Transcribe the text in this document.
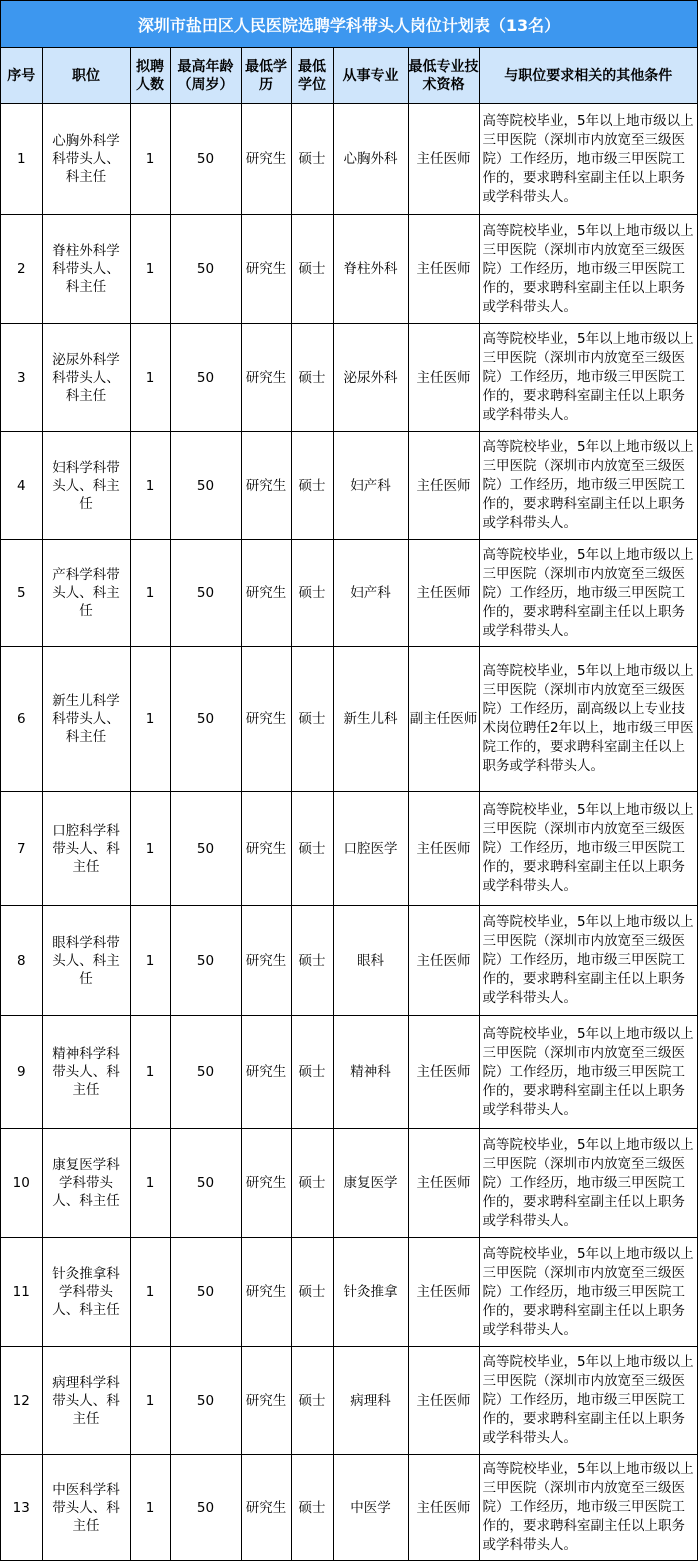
深圳市盐田区人民医院选聘学科带头人岗位计划表（13名）
序号	职位	拟聘人数	最高年龄（周岁）	最低学历	最低学位	从事专业	最低专业技术资格	与职位要求相关的其他条件
1	心胸外科学科带头人、科主任	1	50	研究生	硕士	心胸外科	主任医师	高等院校毕业，5年以上地市级以上三甲医院（深圳市内放宽至三级医院）工作经历，地市级三甲医院工作的，要求聘科室副主任以上职务或学科带头人。
2	脊柱外科学科带头人、科主任	1	50	研究生	硕士	脊柱外科	主任医师	高等院校毕业，5年以上地市级以上三甲医院（深圳市内放宽至三级医院）工作经历，地市级三甲医院工作的，要求聘科室副主任以上职务或学科带头人。
3	泌尿外科学科带头人、科主任	1	50	研究生	硕士	泌尿外科	主任医师	高等院校毕业，5年以上地市级以上三甲医院（深圳市内放宽至三级医院）工作经历，地市级三甲医院工作的，要求聘科室副主任以上职务或学科带头人。
4	妇科学科带头人、科主任	1	50	研究生	硕士	妇产科	主任医师	高等院校毕业，5年以上地市级以上三甲医院（深圳市内放宽至三级医院）工作经历，地市级三甲医院工作的，要求聘科室副主任以上职务或学科带头人。
5	产科学科带头人、科主任	1	50	研究生	硕士	妇产科	主任医师	高等院校毕业，5年以上地市级以上三甲医院（深圳市内放宽至三级医院）工作经历，地市级三甲医院工作的，要求聘科室副主任以上职务或学科带头人。
6	新生儿科学科带头人、科主任	1	50	研究生	硕士	新生儿科	副主任医师	高等院校毕业，5年以上地市级以上三甲医院（深圳市内放宽至三级医院）工作经历，副高级以上专业技术岗位聘任2年以上，地市级三甲医院工作的，要求聘科室副主任以上职务或学科带头人。
7	口腔科学科带头人、科主任	1	50	研究生	硕士	口腔医学	主任医师	高等院校毕业，5年以上地市级以上三甲医院（深圳市内放宽至三级医院）工作经历，地市级三甲医院工作的，要求聘科室副主任以上职务或学科带头人。
8	眼科学科带头人、科主任	1	50	研究生	硕士	眼科	主任医师	高等院校毕业，5年以上地市级以上三甲医院（深圳市内放宽至三级医院）工作经历，地市级三甲医院工作的，要求聘科室副主任以上职务或学科带头人。
9	精神科学科带头人、科主任	1	50	研究生	硕士	精神科	主任医师	高等院校毕业，5年以上地市级以上三甲医院（深圳市内放宽至三级医院）工作经历，地市级三甲医院工作的，要求聘科室副主任以上职务或学科带头人。
10	康复医学科学科带头人、科主任	1	50	研究生	硕士	康复医学	主任医师	高等院校毕业，5年以上地市级以上三甲医院（深圳市内放宽至三级医院）工作经历，地市级三甲医院工作的，要求聘科室副主任以上职务或学科带头人。
11	针灸推拿科学科带头人、科主任	1	50	研究生	硕士	针灸推拿	主任医师	高等院校毕业，5年以上地市级以上三甲医院（深圳市内放宽至三级医院）工作经历，地市级三甲医院工作的，要求聘科室副主任以上职务或学科带头人。
12	病理科学科带头人、科主任	1	50	研究生	硕士	病理科	主任医师	高等院校毕业，5年以上地市级以上三甲医院（深圳市内放宽至三级医院）工作经历，地市级三甲医院工作的，要求聘科室副主任以上职务或学科带头人。
13	中医科学科带头人、科主任	1	50	研究生	硕士	中医学	主任医师	高等院校毕业，5年以上地市级以上三甲医院（深圳市内放宽至三级医院）工作经历，地市级三甲医院工作的，要求聘科室副主任以上职务或学科带头人。
